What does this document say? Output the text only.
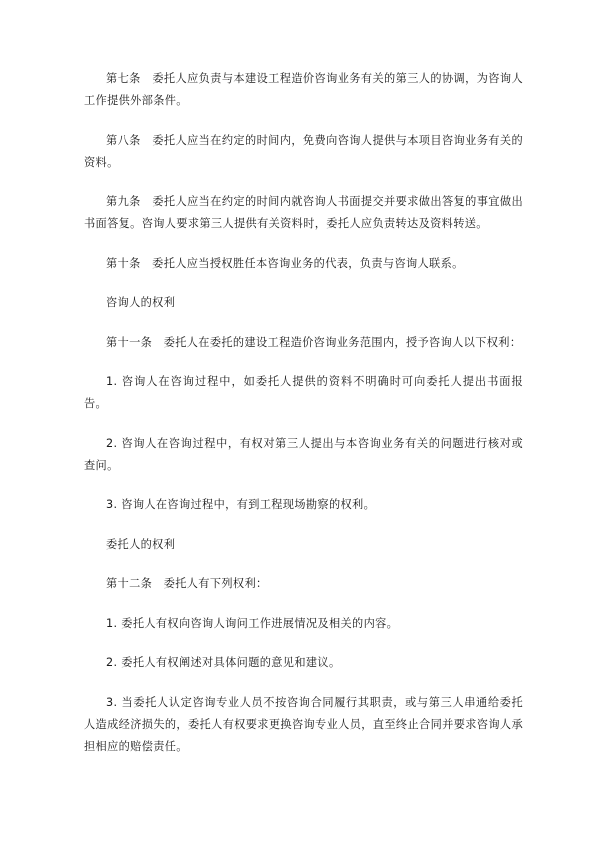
第七条　委托人应负责与本建设工程造价咨询业务有关的第三人的协调，为咨询人工作提供外部条件。

第八条　委托人应当在约定的时间内，免费向咨询人提供与本项目咨询业务有关的资料。

第九条　委托人应当在约定的时间内就咨询人书面提交并要求做出答复的事宜做出书面答复。咨询人要求第三人提供有关资料时，委托人应负责转达及资料转送。

第十条　委托人应当授权胜任本咨询业务的代表，负责与咨询人联系。

咨询人的权利

第十一条　委托人在委托的建设工程造价咨询业务范围内，授予咨询人以下权利：

1. 咨询人在咨询过程中，如委托人提供的资料不明确时可向委托人提出书面报告。

2. 咨询人在咨询过程中，有权对第三人提出与本咨询业务有关的问题进行核对或查问。

3. 咨询人在咨询过程中，有到工程现场勘察的权利。

委托人的权利

第十二条　委托人有下列权利：

1. 委托人有权向咨询人询问工作进展情况及相关的内容。

2. 委托人有权阐述对具体问题的意见和建议。

3. 当委托人认定咨询专业人员不按咨询合同履行其职责，或与第三人串通给委托人造成经济损失的，委托人有权要求更换咨询专业人员，直至终止合同并要求咨询人承担相应的赔偿责任。
